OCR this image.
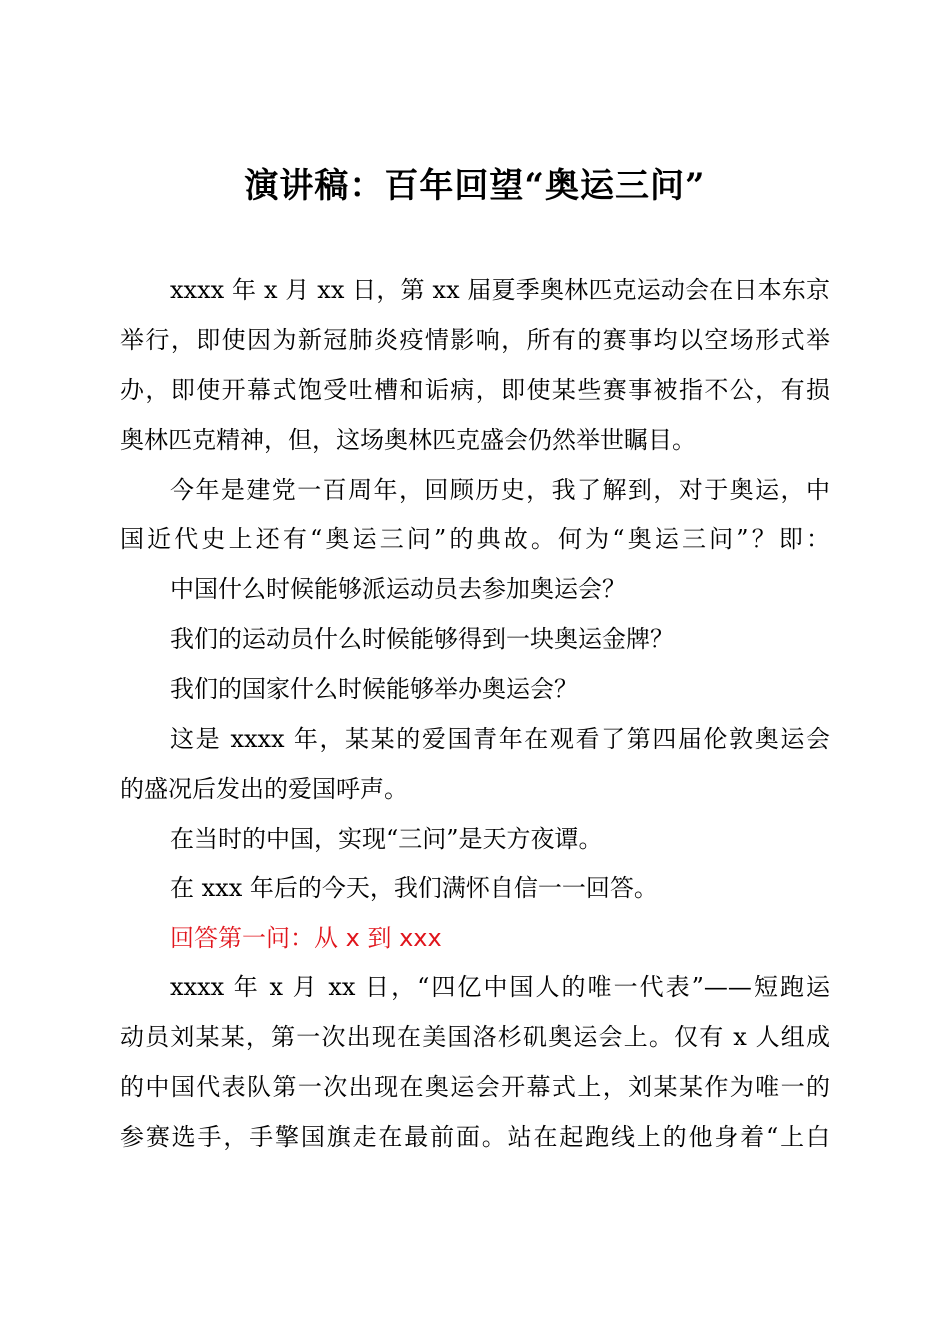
演讲稿：百年回望“奥运三问”
xxxx 年 x 月 xx 日，第 xx 届夏季奥林匹克运动会在日本东京
举行，即使因为新冠肺炎疫情影响，所有的赛事均以空场形式举
办，即使开幕式饱受吐槽和诟病，即使某些赛事被指不公，有损
奥林匹克精神，但，这场奥林匹克盛会仍然举世瞩目。
今年是建党一百周年，回顾历史，我了解到，对于奥运，中
国近代史上还有“奥运三问”的典故。何为“奥运三问”？即：
中国什么时候能够派运动员去参加奥运会？
我们的运动员什么时候能够得到一块奥运金牌？
我们的国家什么时候能够举办奥运会？
这是 xxxx 年，某某的爱国青年在观看了第四届伦敦奥运会
的盛况后发出的爱国呼声。
在当时的中国，实现“三问”是天方夜谭。
在 xxx 年后的今天，我们满怀自信一一回答。
回答第一问：从 x 到 xxx
xxxx 年 x 月 xx 日，“四亿中国人的唯一代表”——短跑运
动员刘某某，第一次出现在美国洛杉矶奥运会上。仅有 x 人组成
的中国代表队第一次出现在奥运会开幕式上，刘某某作为唯一的
参赛选手，手擎国旗走在最前面。站在起跑线上的他身着“上白
